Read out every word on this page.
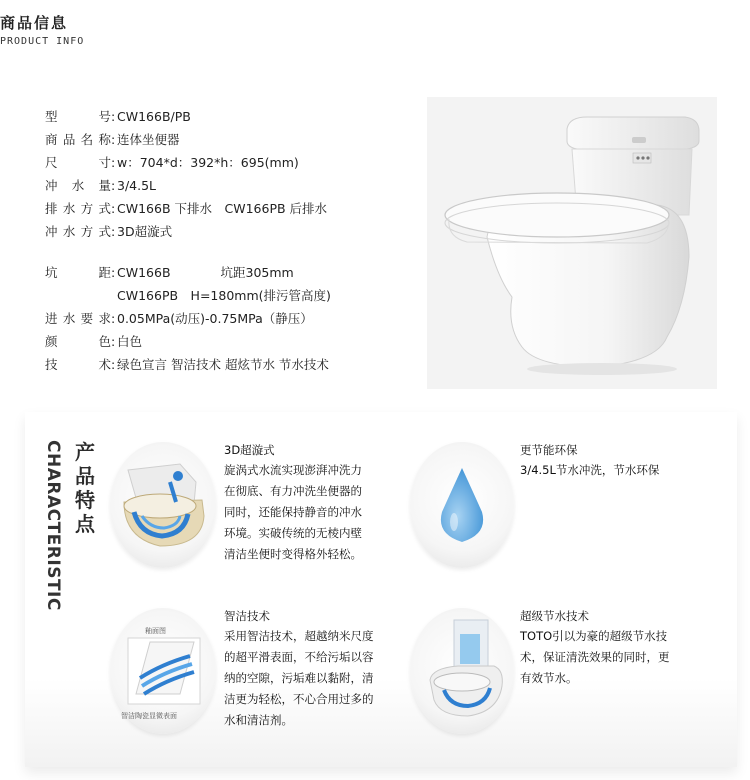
商品信息
PRODUCT INFO
型号 : CW166B/PB
商品名称 : 连体坐便器
尺寸 : w：704*d：392*h：695(mm)
冲水量 : 3/4.5L
排水方式 : CW166B 下排水　CW166PB 后排水
冲水方式 : 3D超漩式
坑距 : CW166B　　　　坑距305mm
CW166PB　H=180mm(排污管高度)
进水要求 : 0.05MPa(动压)-0.75MPa（静压）
颜色 : 白色
技术 : 绿色宣言 智洁技术 超炫节水 节水技术
产
品
特
点
CHARACTERISTIC	3D超漩式
旋涡式水流实现澎湃冲洗力
在彻底、有力冲洗坐便器的
同时，还能保持静音的冲水
环境。实破传统的无棱内壁
清洁坐便时变得格外轻松。
更节能环保
3/4.5L节水冲洗，节水环保
釉面图
智洁陶瓷显微表面
智洁技术
采用智洁技术，超越纳米尺度
的超平滑表面，不给污垢以容
纳的空隙，污垢难以黏附，清
洁更为轻松，不心合用过多的
水和清洁剂。
超级节水技术
TOTO引以为豪的超级节水技
术，保证清洗效果的同时，更
有效节水。
